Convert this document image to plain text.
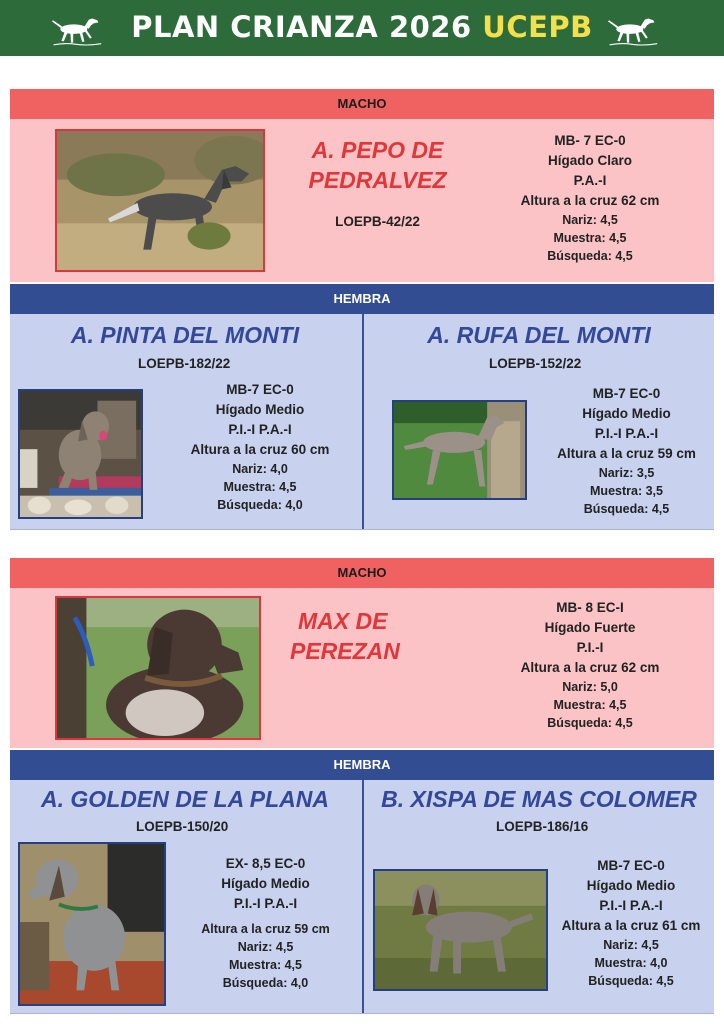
PLAN CRIANZA 2026 UCEPB
MACHO
A. PEPO DE
PEDRALVEZ
LOEPB-42/22
MB- 7 EC-0
Hígado Claro
P.A.-I
Altura a la cruz 62 cm
Nariz: 4,5
Muestra: 4,5
Búsqueda: 4,5
HEMBRA
A. PINTA DEL MONTI
LOEPB-182/22
MB-7 EC-0
Hígado Medio
P.I.-I P.A.-I
Altura a la cruz 60 cm
Nariz: 4,0
Muestra: 4,5
Búsqueda: 4,0
A. RUFA DEL MONTI
LOEPB-152/22
MB-7 EC-0
Hígado Medio
P.I.-I P.A.-I
Altura a la cruz 59 cm
Nariz: 3,5
Muestra: 3,5
Búsqueda: 4,5
MACHO
MAX DE
PEREZAN
MB- 8 EC-I
Hígado Fuerte
P.I.-I
Altura a la cruz 62 cm
Nariz: 5,0
Muestra: 4,5
Búsqueda: 4,5
HEMBRA
A. GOLDEN DE LA PLANA
LOEPB-150/20
EX- 8,5 EC-0
Hígado Medio
P.I.-I P.A.-I
Altura a la cruz 59 cm
Nariz: 4,5
Muestra: 4,5
Búsqueda: 4,0
B. XISPA DE MAS COLOMER
LOEPB-186/16
MB-7 EC-0
Hígado Medio
P.I.-I P.A.-I
Altura a la cruz 61 cm
Nariz: 4,5
Muestra: 4,0
Búsqueda: 4,5
